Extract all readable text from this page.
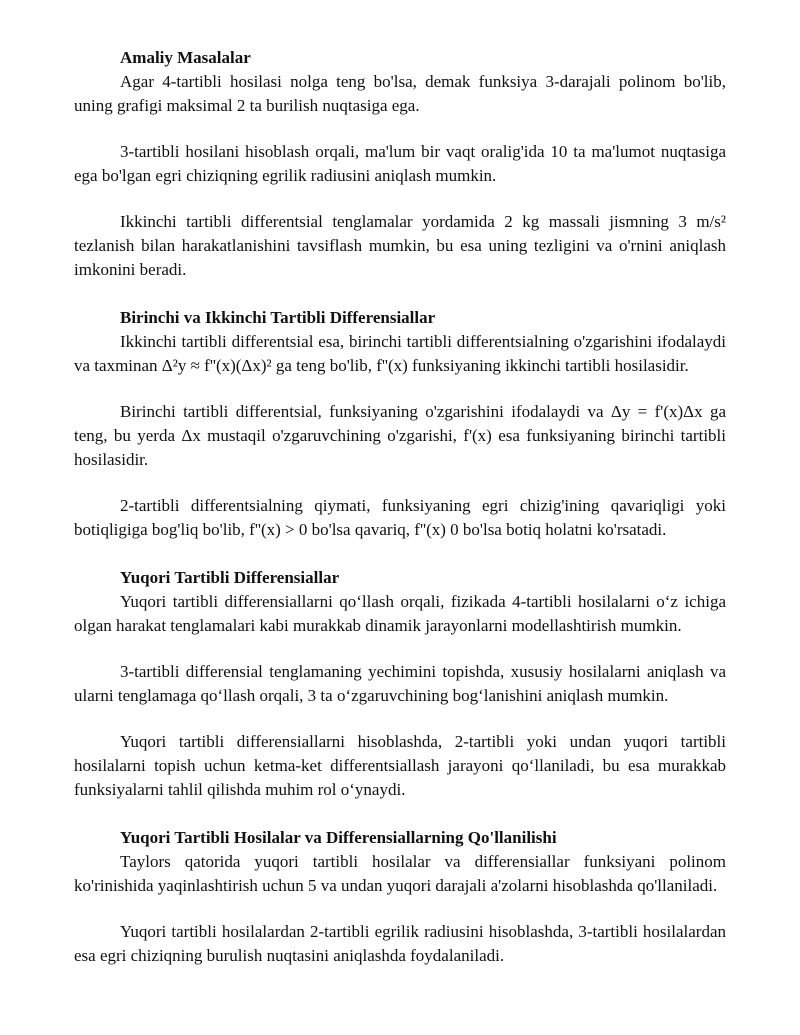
Amaliy Masalalar

Agar 4-tartibli hosilasi nolga teng bo'lsa, demak funksiya 3-darajali polinom bo'lib, uning grafigi maksimal 2 ta burilish nuqtasiga ega.

3-tartibli hosilani hisoblash orqali, ma'lum bir vaqt oralig'ida 10 ta ma'lumot nuqtasiga ega bo'lgan egri chiziqning egrilik radiusini aniqlash mumkin.

Ikkinchi tartibli differentsial tenglamalar yordamida 2 kg massali jismning 3 m/s² tezlanish bilan harakatlanishini tavsiflash mumkin, bu esa uning tezligini va o'rnini aniqlash imkonini beradi.

Birinchi va Ikkinchi Tartibli Differensiallar

Ikkinchi tartibli differentsial esa, birinchi tartibli differentsialning o'zgarishini ifodalaydi va taxminan Δ²y ≈ f''(x)(Δx)² ga teng bo'lib, f''(x) funksiyaning ikkinchi tartibli hosilasidir.

Birinchi tartibli differentsial, funksiyaning o'zgarishini ifodalaydi va Δy = f'(x)Δx ga teng, bu yerda Δx mustaqil o'zgaruvchining o'zgarishi, f'(x) esa funksiyaning birinchi tartibli hosilasidir.

2-tartibli differentsialning qiymati, funksiyaning egri chizig'ining qavariqligi yoki botiqligiga bog'liq bo'lib, f''(x) > 0 bo'lsa qavariq, f''(x) 0 bo'lsa botiq holatni ko'rsatadi.

Yuqori Tartibli Differensiallar

Yuqori tartibli differensiallarni qoʻllash orqali, fizikada 4-tartibli hosilalarni oʻz ichiga olgan harakat tenglamalari kabi murakkab dinamik jarayonlarni modellashtirish mumkin.

3-tartibli differensial tenglamaning yechimini topishda, xususiy hosilalarni aniqlash va ularni tenglamaga qoʻllash orqali, 3 ta oʻzgaruvchining bogʻlanishini aniqlash mumkin.

Yuqori tartibli differensiallarni hisoblashda, 2-tartibli yoki undan yuqori tartibli hosilalarni topish uchun ketma-ket differentsiallash jarayoni qoʻllaniladi, bu esa murakkab funksiyalarni tahlil qilishda muhim rol oʻynaydi.

Yuqori Tartibli Hosilalar va Differensiallarning Qo'llanilishi

Taylors qatorida yuqori tartibli hosilalar va differensiallar funksiyani polinom ko'rinishida yaqinlashtirish uchun 5 va undan yuqori darajali a'zolarni hisoblashda qo'llaniladi.

Yuqori tartibli hosilalardan 2-tartibli egrilik radiusini hisoblashda, 3-tartibli hosilalardan esa egri chiziqning burulish nuqtasini aniqlashda foydalaniladi.
